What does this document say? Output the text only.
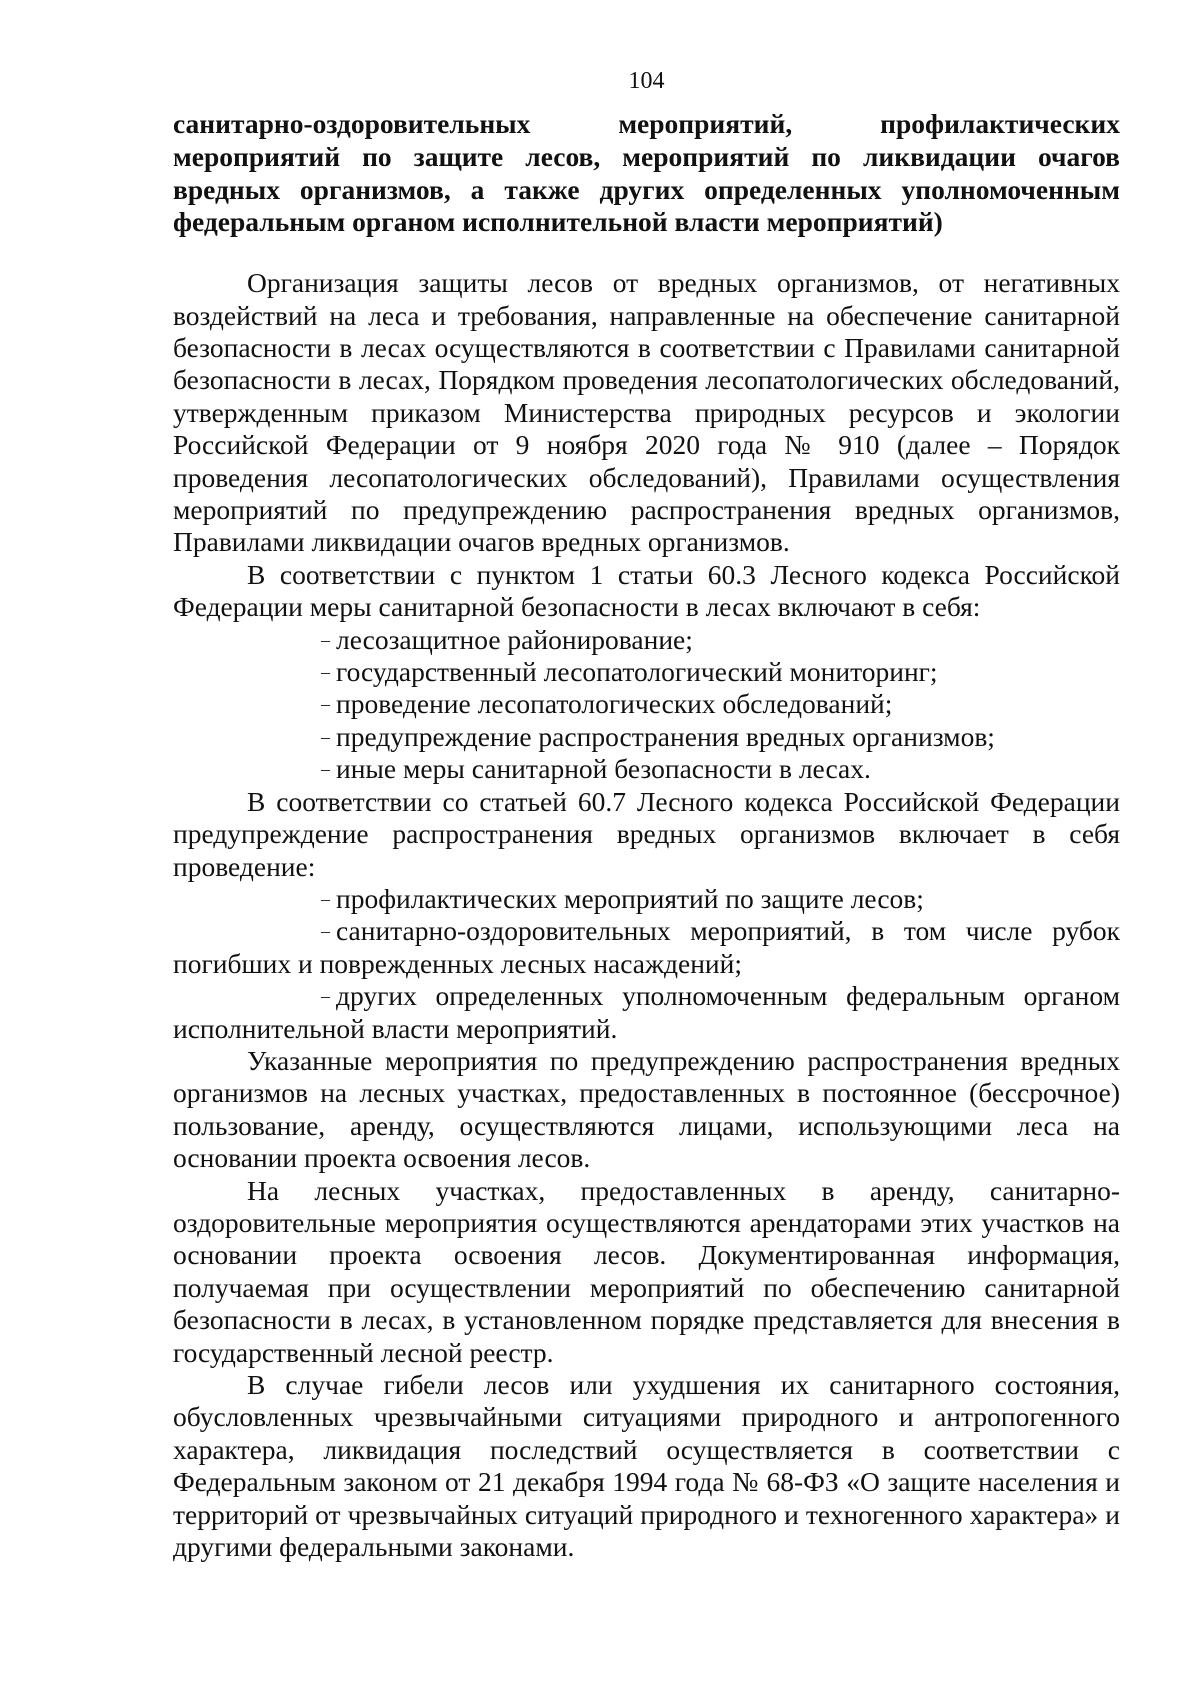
104
санитарно-оздоровительных мероприятий, профилактических мероприятий по защите лесов, мероприятий по ликвидации очагов вредных организмов, а также других определенных уполномоченным федеральным органом исполнительной власти мероприятий)

Организация защиты лесов от вредных организмов, от негативных воздействий на леса и требования, направленные на обеспечение санитарной безопасности в лесах осуществляются в соответствии с Правилами санитарной безопасности в лесах, Порядком проведения лесопатологических обследований, утвержденным приказом Министерства природных ресурсов и экологии Российской Федерации от 9 ноября 2020 года № 910 (далее – Порядок проведения лесопатологических обследований), Правилами осуществления мероприятий по предупреждению распространения вредных организмов, Правилами ликвидации очагов вредных организмов.

В соответствии с пунктом 1 статьи 60.3 Лесного кодекса Российской Федерации меры санитарной безопасности в лесах включают в себя:

– лесозащитное районирование;

– государственный лесопатологический мониторинг;

– проведение лесопатологических обследований;

– предупреждение распространения вредных организмов;

– иные меры санитарной безопасности в лесах.

В соответствии со статьей 60.7 Лесного кодекса Российской Федерации предупреждение распространения вредных организмов включает в себя проведение:

– профилактических мероприятий по защите лесов;

– санитарно-оздоровительных мероприятий, в том числе рубок погибших и поврежденных лесных насаждений;

– других определенных уполномоченным федеральным органом исполнительной власти мероприятий.

Указанные мероприятия по предупреждению распространения вредных организмов на лесных участках, предоставленных в постоянное (бессрочное) пользование, аренду, осуществляются лицами, использующими леса на основании проекта освоения лесов.

На лесных участках, предоставленных в аренду, санитарно-оздоровительные мероприятия осуществляются арендаторами этих участков на основании проекта освоения лесов. Документированная информация, получаемая при осуществлении мероприятий по обеспечению санитарной безопасности в лесах, в установленном порядке представляется для внесения в государственный лесной реестр.

В случае гибели лесов или ухудшения их санитарного состояния, обусловленных чрезвычайными ситуациями природного и антропогенного характера, ликвидация последствий осуществляется в соответствии с Федеральным законом от 21 декабря 1994 года № 68-ФЗ «О защите населения и территорий от чрезвычайных ситуаций природного и техногенного характера» и другими федеральными законами.
